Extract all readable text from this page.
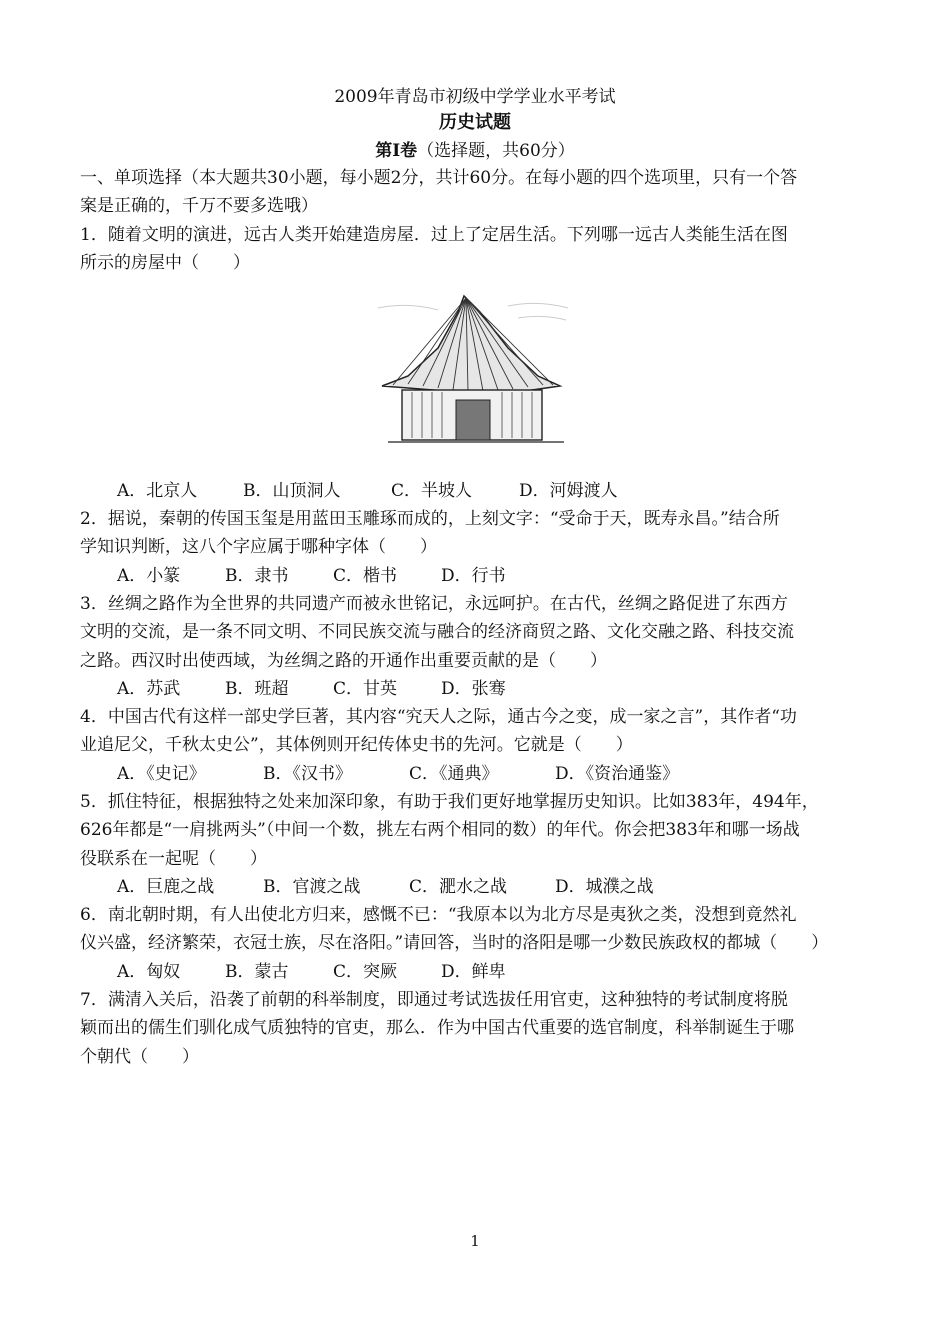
2009年青岛市初级中学学业水平考试
历史试题
第Ⅰ卷（选择题，共60分）
一、单项选择（本大题共30小题，每小题2分，共计60分。在每小题的四个选项里，只有一个答
案是正确的，千万不要多选哦）
1．随着文明的演进，远古人类开始建造房屋．过上了定居生活。下列哪一远古人类能生活在图
所示的房屋中（　　）
A．北京人	B．山顶洞人	C．半坡人	D．河姆渡人
2．据说，秦朝的传国玉玺是用蓝田玉雕琢而成的，上刻文字：“受命于天，既寿永昌。”结合所
学知识判断，这八个字应属于哪种字体（　　）
A．小篆	B．隶书	C．楷书	D．行书
3．丝绸之路作为全世界的共同遗产而被永世铭记，永远呵护。在古代，丝绸之路促进了东西方
文明的交流，是一条不同文明、不同民族交流与融合的经济商贸之路、文化交融之路、科技交流
之路。西汉时出使西域，为丝绸之路的开通作出重要贡献的是（　　）
A．苏武	B．班超	C．甘英	D．张骞
4．中国古代有这样一部史学巨著，其内容“究天人之际，通古今之变，成一家之言”，其作者“功
业追尼父，千秋太史公”，其体例则开纪传体史书的先河。它就是（　　）
A．《史记》	B．《汉书》	C．《通典》	D．《资治通鉴》
5．抓住特征，根据独特之处来加深印象，有助于我们更好地掌握历史知识。比如383年，494年，
626年都是“一肩挑两头”（中间一个数，挑左右两个相同的数）的年代。你会把383年和哪一场战
役联系在一起呢（　　）
A．巨鹿之战	B．官渡之战	C．淝水之战	D．城濮之战
6．南北朝时期，有人出使北方归来，感慨不已：“我原本以为北方尽是夷狄之类，没想到竟然礼
仪兴盛，经济繁荣，衣冠士族，尽在洛阳。”请回答，当时的洛阳是哪一少数民族政权的都城（　　）
A．匈奴	B．蒙古	C．突厥	D．鲜卑
7．满清入关后，沿袭了前朝的科举制度，即通过考试选拔任用官吏，这种独特的考试制度将脱
颖而出的儒生们驯化成气质独特的官吏，那么．作为中国古代重要的选官制度，科举制诞生于哪
个朝代（　　）
1
